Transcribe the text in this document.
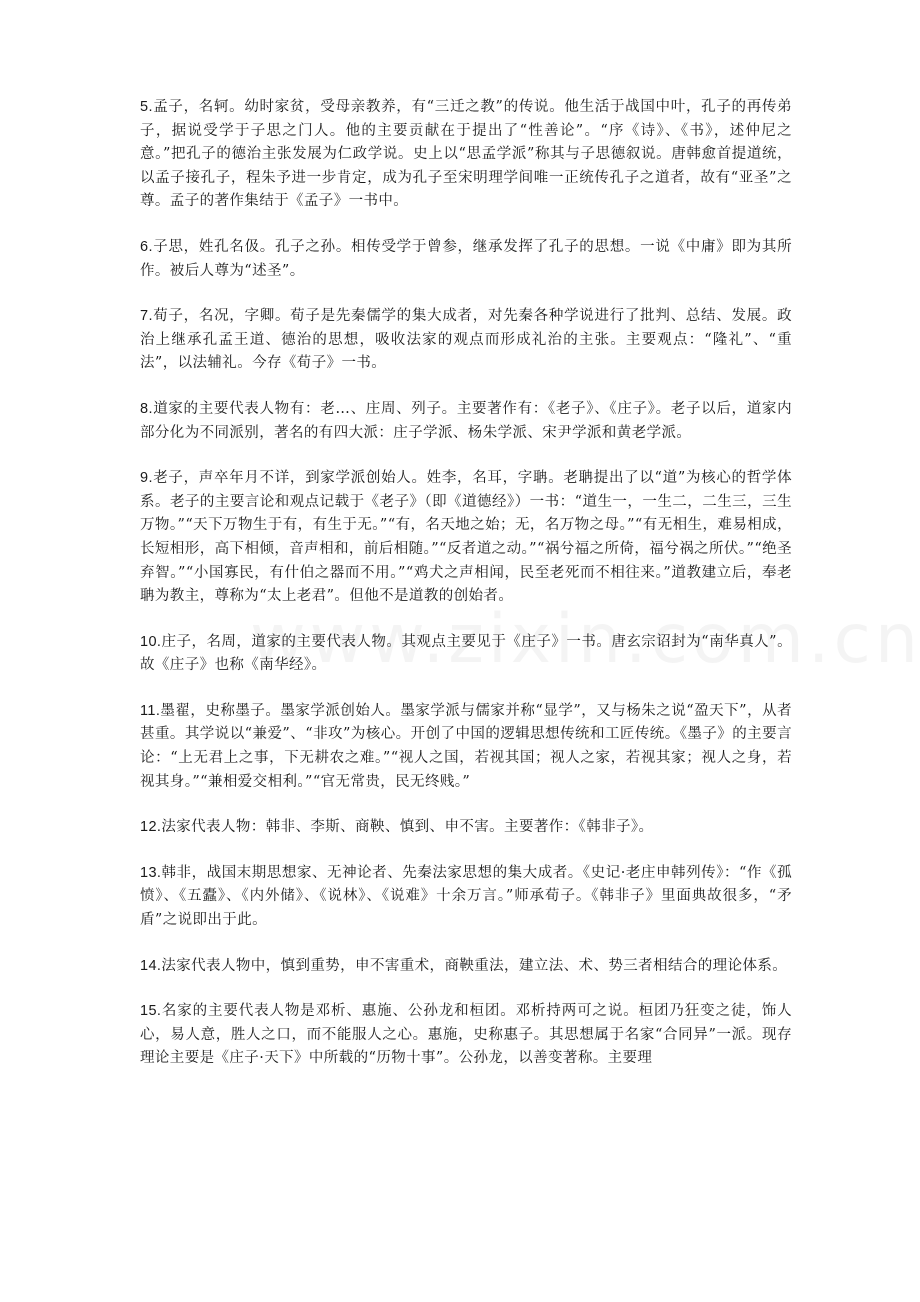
5.孟子，名轲。幼时家贫，受母亲教养，有“三迁之教”的传说。他生活于战国中叶，孔子的再传弟子，据说受学于子思之门人。他的主要贡献在于提出了“性善论”。“序《诗》、《书》，述仲尼之意。”把孔子的德治主张发展为仁政学说。史上以“思孟学派”称其与子思德叙说。唐韩愈首提道统，以孟子接孔子，程朱予进一步肯定，成为孔子至宋明理学间唯一正统传孔子之道者，故有“亚圣”之尊。孟子的著作集结于《孟子》一书中。

6.子思，姓孔名伋。孔子之孙。相传受学于曾参，继承发挥了孔子的思想。一说《中庸》即为其所作。被后人尊为“述圣”。

7.荀子，名况，字卿。荀子是先秦儒学的集大成者，对先秦各种学说进行了批判、总结、发展。政治上继承孔孟王道、德治的思想，吸收法家的观点而形成礼治的主张。主要观点：“隆礼”、“重法”，以法辅礼。今存《荀子》一书。

8.道家的主要代表人物有：老…、庄周、列子。主要著作有：《老子》、《庄子》。老子以后，道家内部分化为不同派别，著名的有四大派：庄子学派、杨朱学派、宋尹学派和黄老学派。

9.老子，声卒年月不详，到家学派创始人。姓李，名耳，字聃。老聃提出了以“道”为核心的哲学体系。老子的主要言论和观点记载于《老子》（即《道德经》）一书：“道生一，一生二，二生三，三生万物。”“天下万物生于有，有生于无。”“有，名天地之始；无，名万物之母。”“有无相生，难易相成，长短相形，高下相倾，音声相和，前后相随。”“反者道之动。”“祸兮福之所倚，福兮祸之所伏。”“绝圣弃智。”“小国寡民，有什伯之器而不用。”“鸡犬之声相闻，民至老死而不相往来。”道教建立后，奉老聃为教主，尊称为“太上老君”。但他不是道教的创始者。

10.庄子，名周，道家的主要代表人物。其观点主要见于《庄子》一书。唐玄宗诏封为“南华真人”。故《庄子》也称《南华经》。

11.墨翟，史称墨子。墨家学派创始人。墨家学派与儒家并称“显学”，又与杨朱之说“盈天下”，从者甚重。其学说以“兼爱”、“非攻”为核心。开创了中国的逻辑思想传统和工匠传统。《墨子》的主要言论：“上无君上之事，下无耕农之难。”“视人之国，若视其国；视人之家，若视其家；视人之身，若视其身。”“兼相爱交相利。”“官无常贵，民无终贱。”

12.法家代表人物：韩非、李斯、商鞅、慎到、申不害。主要著作：《韩非子》。

13.韩非，战国末期思想家、无神论者、先秦法家思想的集大成者。《史记·老庄申韩列传》：“作《孤愤》、《五蠹》、《内外储》、《说林》、《说难》十余万言。”师承荀子。《韩非子》里面典故很多，“矛盾”之说即出于此。

14.法家代表人物中，慎到重势，申不害重术，商鞅重法，建立法、术、势三者相结合的理论体系。

15.名家的主要代表人物是邓析、惠施、公孙龙和桓团。邓析持两可之说。桓团乃狂变之徒，饰人心，易人意，胜人之口，而不能服人之心。惠施，史称惠子。其思想属于名家“合同异”一派。现存理论主要是《庄子·天下》中所载的“历物十事”。公孙龙，以善变著称。主要理
